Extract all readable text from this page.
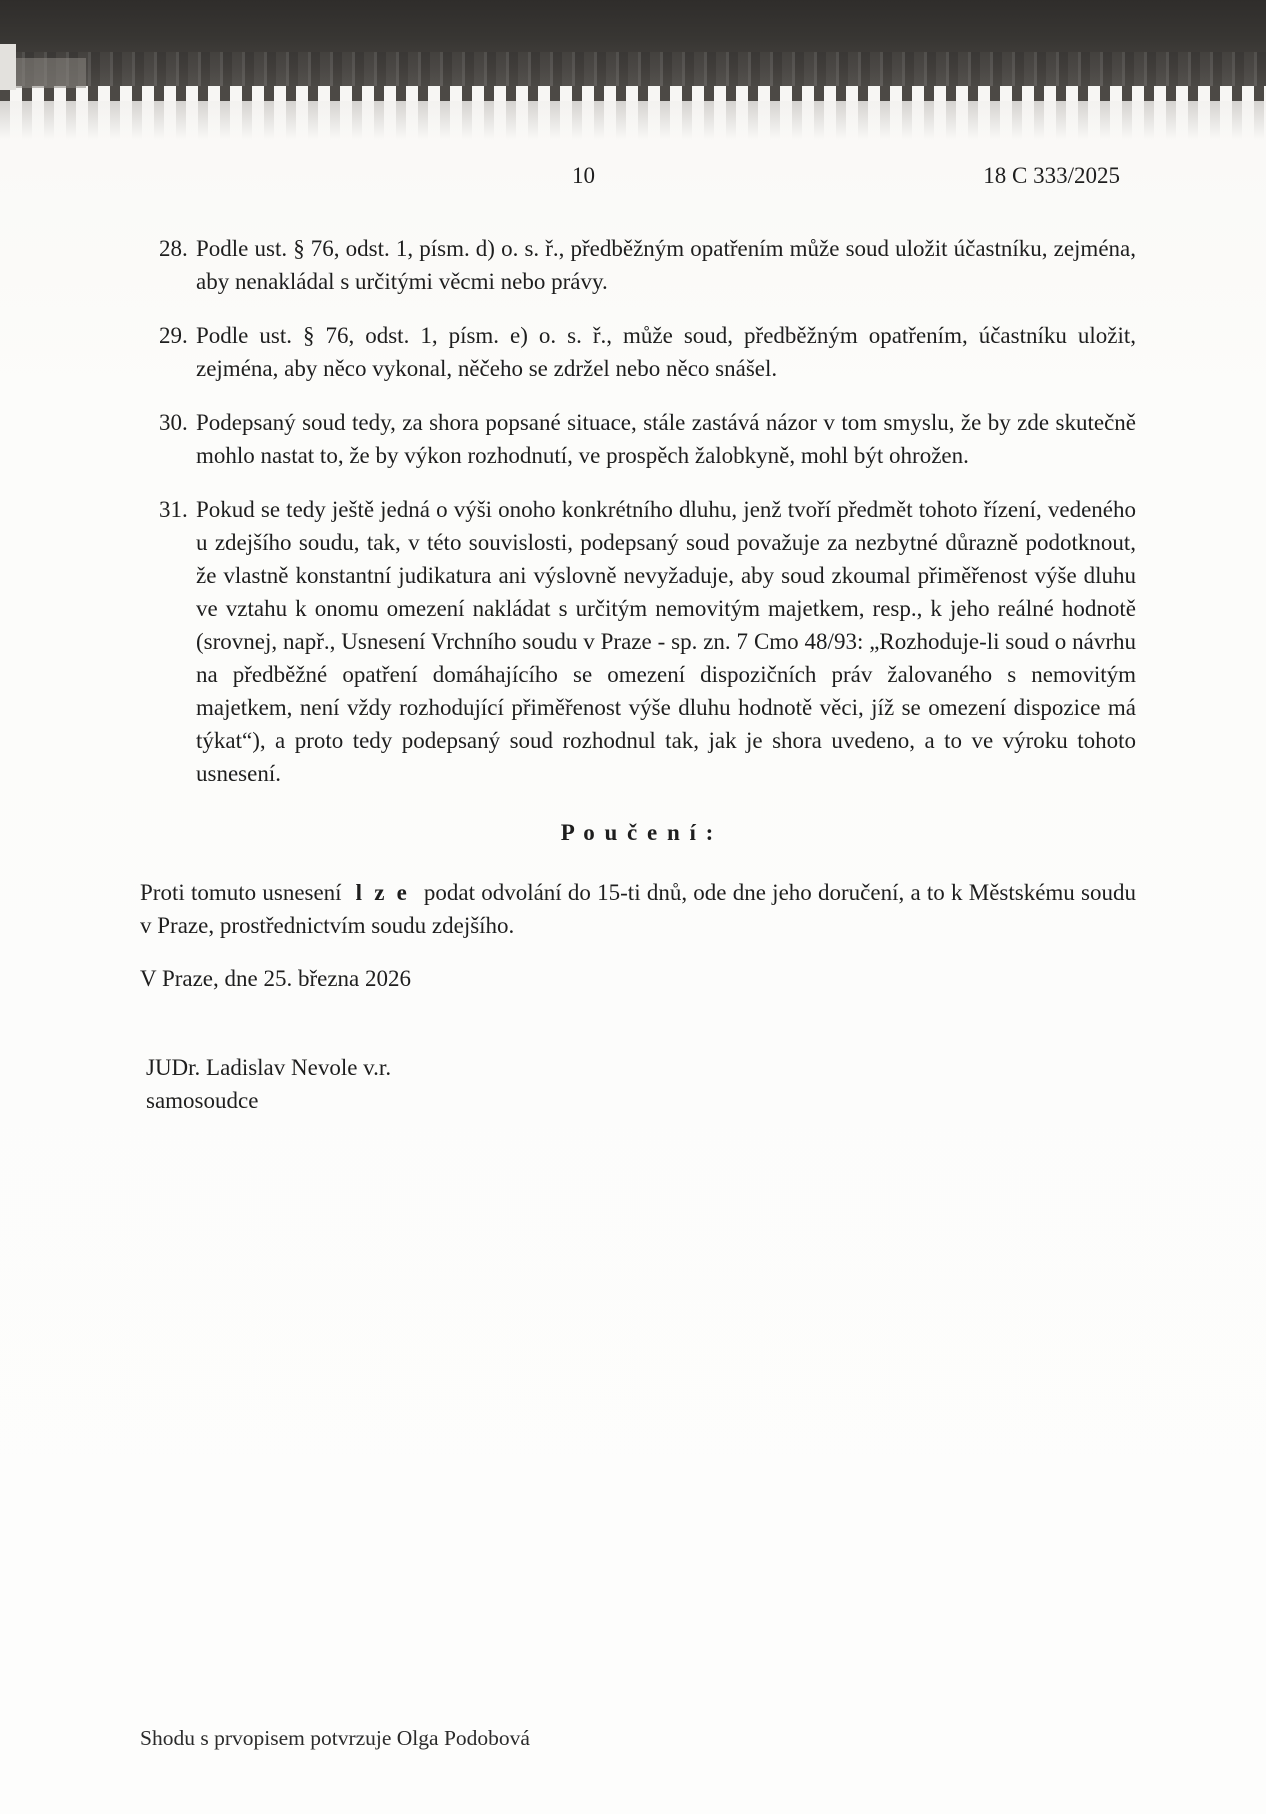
10	18 C 333/2025
28. Podle ust. § 76, odst. 1, písm. d) o. s. ř., předběžným opatřením může soud uložit účastníku, zejména, aby nenakládal s určitými věcmi nebo právy.
29. Podle ust. § 76, odst. 1, písm. e) o. s. ř., může soud, předběžným opatřením, účastníku uložit, zejména, aby něco vykonal, něčeho se zdržel nebo něco snášel.
30. Podepsaný soud tedy, za shora popsané situace, stále zastává názor v tom smyslu, že by zde skutečně mohlo nastat to, že by výkon rozhodnutí, ve prospěch žalobkyně, mohl být ohrožen.
31. Pokud se tedy ještě jedná o výši onoho konkrétního dluhu, jenž tvoří předmět tohoto řízení, vedeného u zdejšího soudu, tak, v této souvislosti, podepsaný soud považuje za nezbytné důrazně podotknout, že vlastně konstantní judikatura ani výslovně nevyžaduje, aby soud zkoumal přiměřenost výše dluhu ve vztahu k onomu omezení nakládat s určitým nemovitým majetkem, resp., k jeho reálné hodnotě (srovnej, např., Usnesení Vrchního soudu v Praze - sp. zn. 7 Cmo 48/93: „Rozhoduje-li soud o návrhu na předběžné opatření domáhajícího se omezení dispozičních práv žalovaného s nemovitým majetkem, není vždy rozhodující přiměřenost výše dluhu hodnotě věci, jíž se omezení dispozice má týkat“), a proto tedy podepsaný soud rozhodnul tak, jak je shora uvedeno, a to ve výroku tohoto usnesení.
P o u č e n í :

Proti tomuto usnesení l z e podat odvolání do 15-ti dnů, ode dne jeho doručení, a to k Městskému soudu v Praze, prostřednictvím soudu zdejšího.

V Praze, dne 25. března 2026

JUDr. Ladislav Nevole v.r.

samosoudce

Shodu s prvopisem potvrzuje Olga Podobová
